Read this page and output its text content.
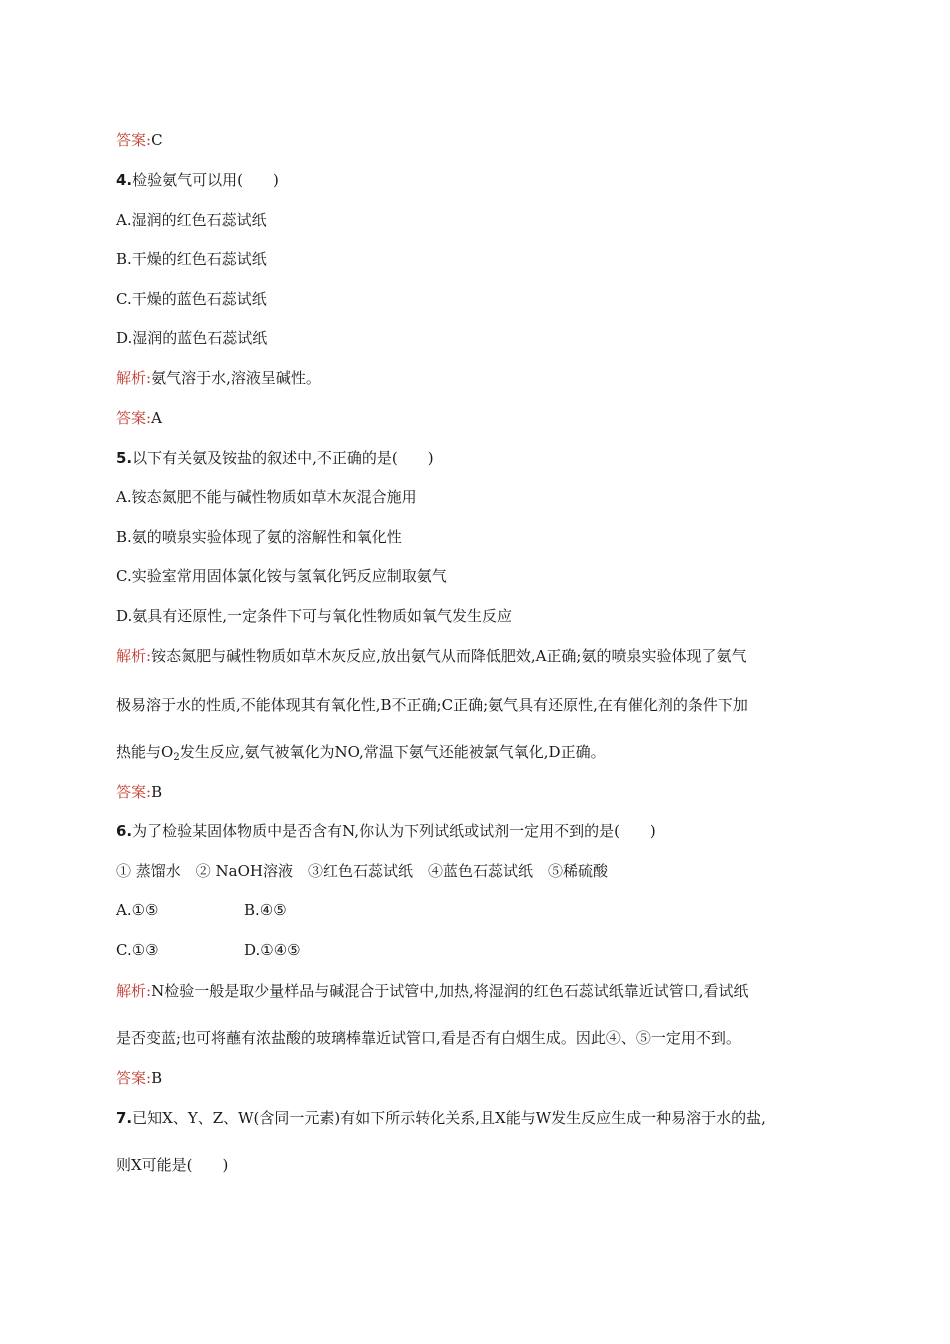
答案:C
4.检验氨气可以用(　　)
A.湿润的红色石蕊试纸
B.干燥的红色石蕊试纸
C.干燥的蓝色石蕊试纸
D.湿润的蓝色石蕊试纸
解析:氨气溶于水,溶液呈碱性。
答案:A
5.以下有关氨及铵盐的叙述中,不正确的是(　　)
A.铵态氮肥不能与碱性物质如草木灰混合施用
B.氨的喷泉实验体现了氨的溶解性和氧化性
C.实验室常用固体氯化铵与氢氧化钙反应制取氨气
D.氨具有还原性,一定条件下可与氧化性物质如氧气发生反应
解析:铵态氮肥与碱性物质如草木灰反应,放出氨气从而降低肥效,A正确;氨的喷泉实验体现了氨气
极易溶于水的性质,不能体现其有氧化性,B不正确;C正确;氨气具有还原性,在有催化剂的条件下加
热能与$O_2$发生反应,氨气被氧化为NO,常温下氨气还能被氯气氧化,D正确。
答案:B
6.为了检验某固体物质中是否含有N,你认为下列试纸或试剂一定用不到的是(　　)
① 蒸馏水　② NaOH溶液　③红色石蕊试纸　④蓝色石蕊试纸　⑤稀硫酸
A.①⑤	B.④⑤
C.①③	D.①④⑤
解析:N检验一般是取少量样品与碱混合于试管中,加热,将湿润的红色石蕊试纸靠近试管口,看试纸
是否变蓝;也可将蘸有浓盐酸的玻璃棒靠近试管口,看是否有白烟生成。因此④、⑤一定用不到。
答案:B
7.已知X、Y、Z、W(含同一元素)有如下所示转化关系,且X能与W发生反应生成一种易溶于水的盐,
则X可能是(　　)
